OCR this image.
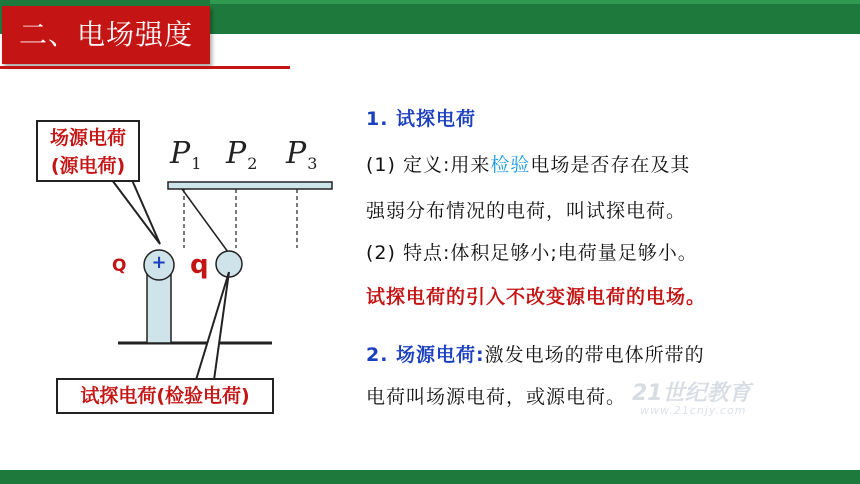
二、电场强度
场源电荷
(源电荷)
试探电荷(检验电荷)
$P_1$ $P_2$ $P_3$
Q + q
1. 试探电荷
(1) 定义:用来检验电场是否存在及其
强弱分布情况的电荷，叫试探电荷。
(2) 特点:体积足够小;电荷量足够小。
试探电荷的引入不改变源电荷的电场。
2. 场源电荷:激发电场的带电体所带的
电荷叫场源电荷，或源电荷。 21世纪教育
www.21cnjy.com
